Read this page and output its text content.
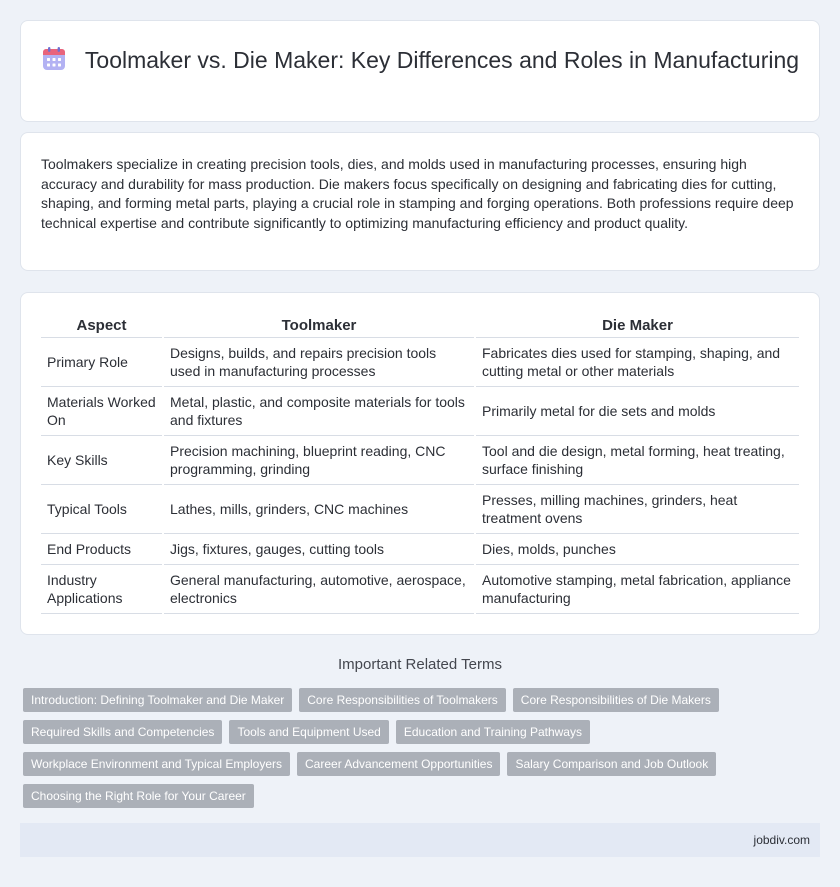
Toolmaker vs. Die Maker: Key Differences and Roles in Manufacturing

Toolmakers specialize in creating precision tools, dies, and molds used in manufacturing processes, ensuring high accuracy and durability for mass production. Die makers focus specifically on designing and fabricating dies for cutting, shaping, and forming metal parts, playing a crucial role in stamping and forging operations. Both professions require deep technical expertise and contribute significantly to optimizing manufacturing efficiency and product quality.

Aspect	Toolmaker	Die Maker
Primary Role	Designs, builds, and repairs precision tools used in manufacturing processes	Fabricates dies used for stamping, shaping, and cutting metal or other materials
Materials Worked On	Metal, plastic, and composite materials for tools and fixtures	Primarily metal for die sets and molds
Key Skills	Precision machining, blueprint reading, CNC programming, grinding	Tool and die design, metal forming, heat treating, surface finishing
Typical Tools	Lathes, mills, grinders, CNC machines	Presses, milling machines, grinders, heat treatment ovens
End Products	Jigs, fixtures, gauges, cutting tools	Dies, molds, punches
Industry Applications	General manufacturing, automotive, aerospace, electronics	Automotive stamping, metal fabrication, appliance manufacturing
Important Related Terms
Introduction: Defining Toolmaker and Die Maker	Core Responsibilities of Toolmakers	Core Responsibilities of Die Makers
Required Skills and Competencies	Tools and Equipment Used	Education and Training Pathways
Workplace Environment and Typical Employers	Career Advancement Opportunities	Salary Comparison and Job Outlook
Choosing the Right Role for Your Career
jobdiv.com
